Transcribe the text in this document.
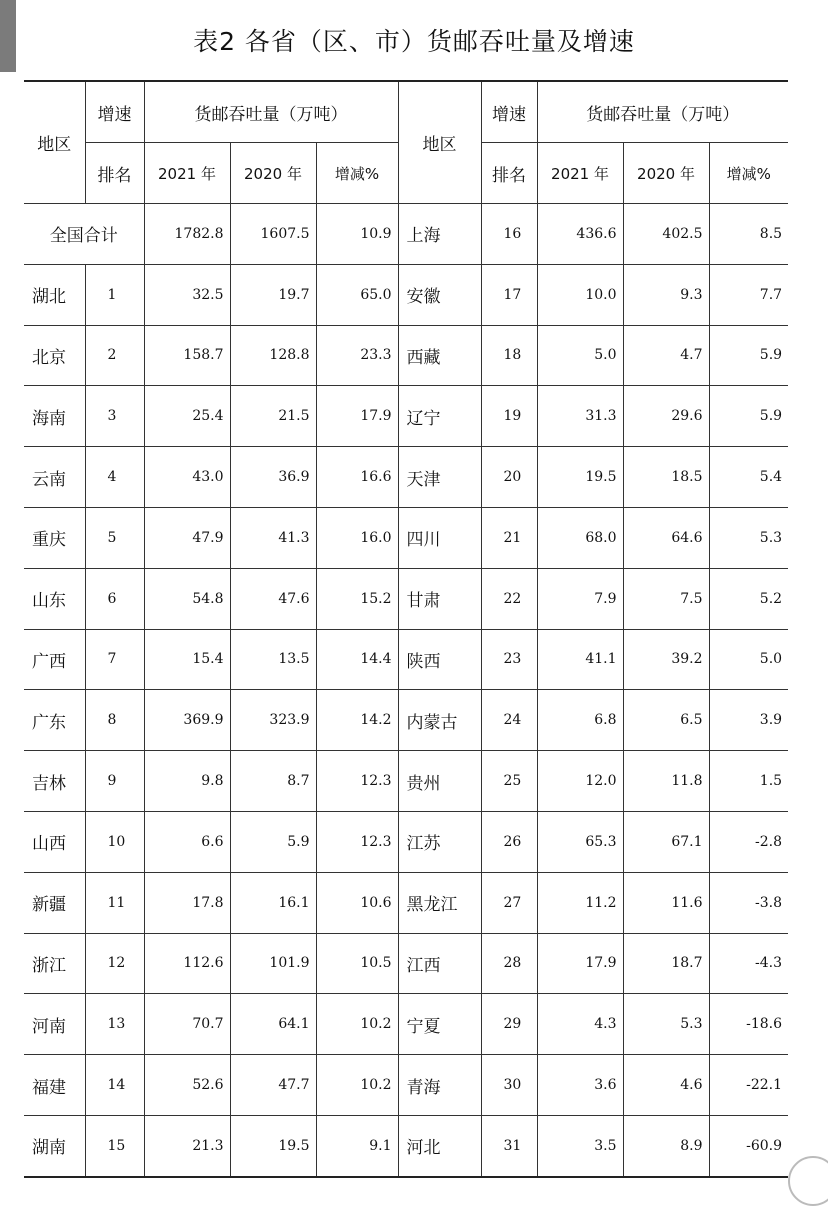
表2 各省（区、市）货邮吞吐量及增速
地区	增速	货邮吞吐量（万吨）			地区	增速	货邮吞吐量（万吨）		
	排名	2021 年	2020 年	增减%		排名	2021 年	2020 年	增减%
全国合计		1782.8	1607.5	10.9	上海	16	436.6	402.5	8.5
湖北	1	32.5	19.7	65.0	安徽	17	10.0	9.3	7.7
北京	2	158.7	128.8	23.3	西藏	18	5.0	4.7	5.9
海南	3	25.4	21.5	17.9	辽宁	19	31.3	29.6	5.9
云南	4	43.0	36.9	16.6	天津	20	19.5	18.5	5.4
重庆	5	47.9	41.3	16.0	四川	21	68.0	64.6	5.3
山东	6	54.8	47.6	15.2	甘肃	22	7.9	7.5	5.2
广西	7	15.4	13.5	14.4	陕西	23	41.1	39.2	5.0
广东	8	369.9	323.9	14.2	内蒙古	24	6.8	6.5	3.9
吉林	9	9.8	8.7	12.3	贵州	25	12.0	11.8	1.5
山西	10	6.6	5.9	12.3	江苏	26	65.3	67.1	-2.8
新疆	11	17.8	16.1	10.6	黑龙江	27	11.2	11.6	-3.8
浙江	12	112.6	101.9	10.5	江西	28	17.9	18.7	-4.3
河南	13	70.7	64.1	10.2	宁夏	29	4.3	5.3	-18.6
福建	14	52.6	47.7	10.2	青海	30	3.6	4.6	-22.1
湖南	15	21.3	19.5	9.1	河北	31	3.5	8.9	-60.9
